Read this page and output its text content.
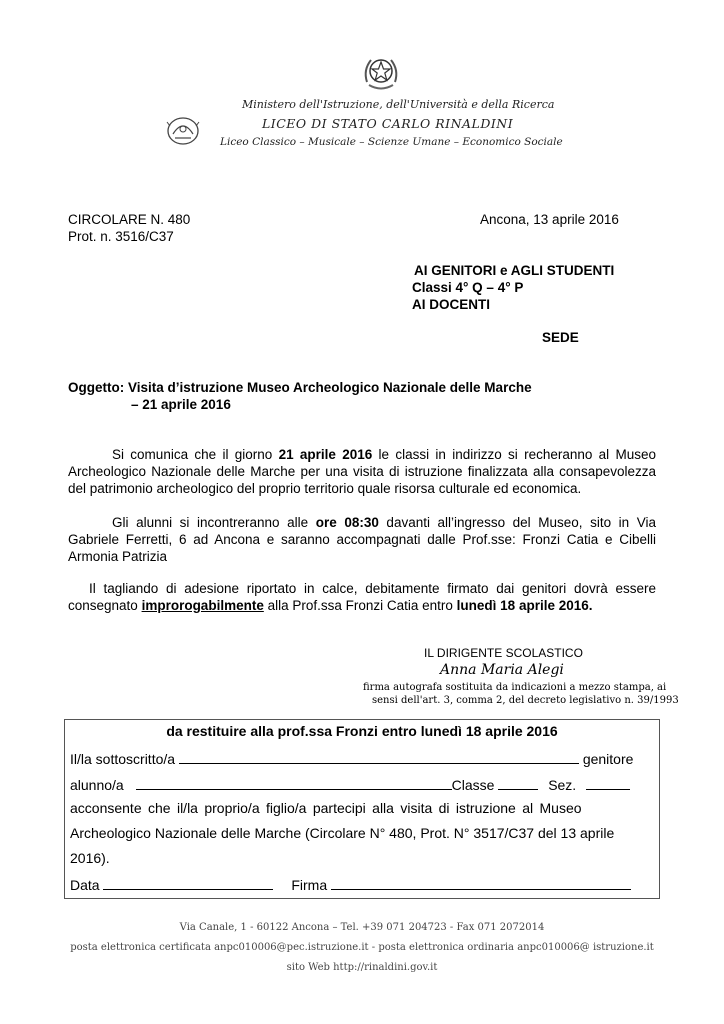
Ministero dell'Istruzione, dell'Università e della Ricerca
LICEO DI STATO CARLO RINALDINI
Liceo Classico – Musicale – Scienze Umane – Economico Sociale
CIRCOLARE N. 480	Ancona, 13 aprile 2016
Prot. n. 3516/C37
AI GENITORI e AGLI STUDENTI
Classi 4° Q – 4° P
AI DOCENTI
SEDE
Oggetto: Visita d’istruzione Museo Archeologico Nazionale delle Marche
– 21 aprile 2016
Si comunica che il giorno 21 aprile 2016 le classi in indirizzo si recheranno al Museo Archeologico Nazionale delle Marche per una visita di istruzione finalizzata alla consapevolezza del patrimonio archeologico del proprio territorio quale risorsa culturale ed economica.
Gli alunni si incontreranno alle ore 08:30 davanti all’ingresso del Museo, sito in Via Gabriele Ferretti, 6 ad Ancona e saranno accompagnati dalle Prof.sse: Fronzi Catia e Cibelli Armonia Patrizia
Il tagliando di adesione riportato in calce, debitamente firmato dai genitori dovrà essere consegnato improrogabilmente alla Prof.ssa Fronzi Catia entro lunedì 18 aprile 2016.
IL DIRIGENTE SCOLASTICO
Anna Maria Alegi
firma autografa sostituita da indicazioni a mezzo stampa, ai
sensi dell'art. 3, comma 2, del decreto legislativo n. 39/1993
da restituire alla prof.ssa Fronzi entro lunedì 18 aprile 2016
Il/la sottoscritto/a	genitore
alunno/a	Classe	Sez.
acconsente che il/la proprio/a figlio/a partecipi alla visita di istruzione al Museo
Archeologico Nazionale delle Marche (Circolare N° 480, Prot. N° 3517/C37 del 13 aprile
2016).
Data	Firma
Via Canale, 1 - 60122 Ancona – Tel. +39 071 204723 - Fax 071 2072014
posta elettronica certificata anpc010006@pec.istruzione.it - posta elettronica ordinaria anpc010006@ istruzione.it
sito Web http://rinaldini.gov.it
